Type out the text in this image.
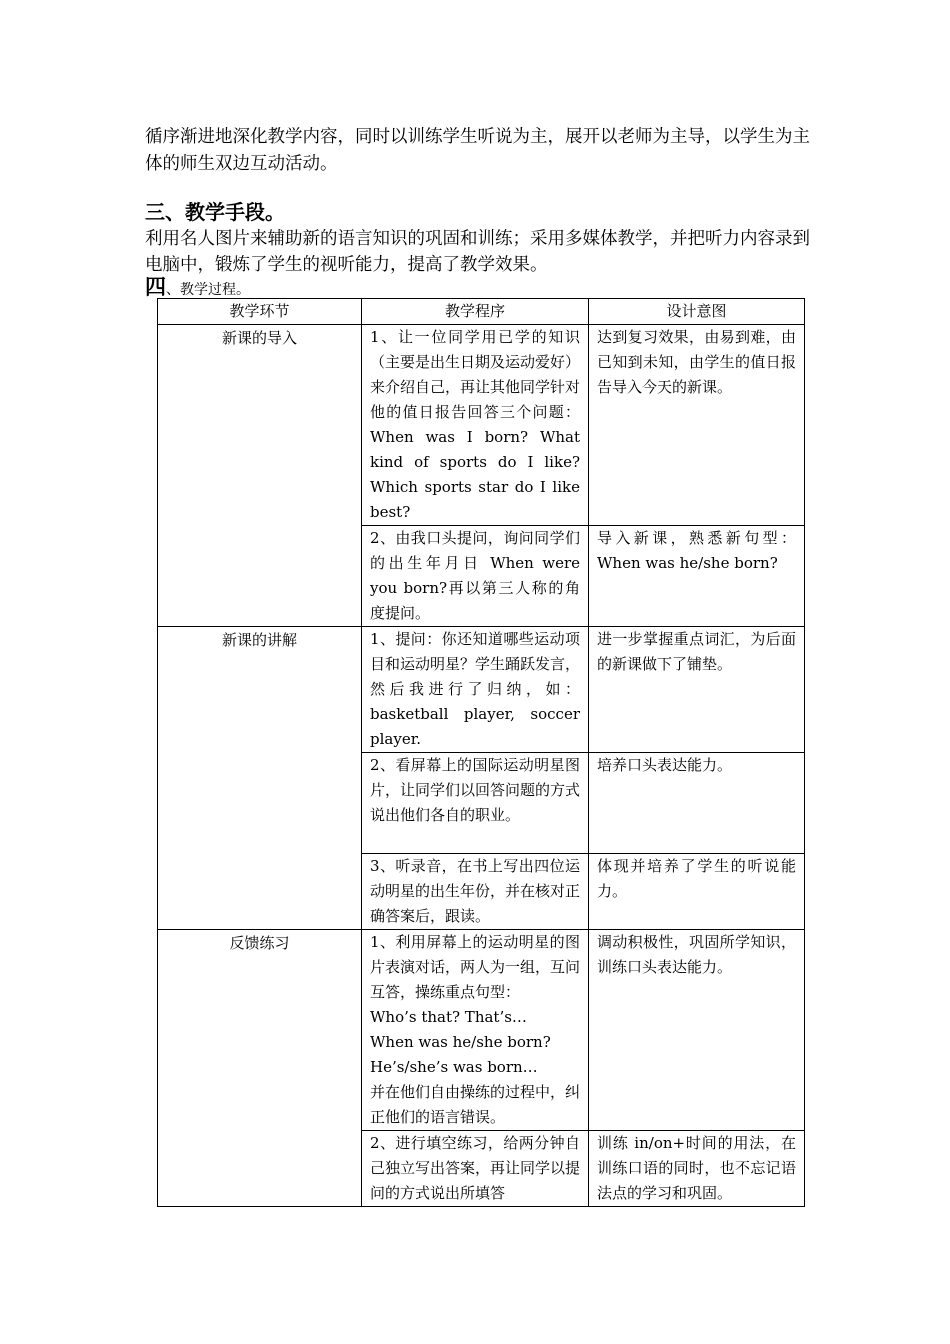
循序渐进地深化教学内容，同时以训练学生听说为主，展开以老师为主导，以学生为主体的师生双边互动活动。

三、教学手段。

利用名人图片来辅助新的语言知识的巩固和训练；采用多媒体教学，并把听力内容录到电脑中，锻炼了学生的视听能力，提高了教学效果。

四、教学过程。

教学环节	教学程序	设计意图
新课的导入	1、让一位同学用已学的知识（主要是出生日期及运动爱好）来介绍自己，再让其他同学针对他的值日报告回答三个问题：When was I born? What kind of sports do I like? Which sports star do I like best?	达到复习效果，由易到难，由已知到未知，由学生的值日报告导入今天的新课。
	2、由我口头提问，询问同学们的出生年月日 When were you born?再以第三人称的角度提问。	导入新课，熟悉新句型：When was he/she born?
新课的讲解	1、提问：你还知道哪些运动项目和运动明星？学生踊跃发言，然后我进行了归纳，如：basketball player, soccer player.	进一步掌握重点词汇，为后面的新课做下了铺垫。
	2、看屏幕上的国际运动明星图片，让同学们以回答问题的方式说出他们各自的职业。	培养口头表达能力。
	3、听录音，在书上写出四位运动明星的出生年份，并在核对正确答案后，跟读。	体现并培养了学生的听说能力。
反馈练习	1、利用屏幕上的运动明星的图片表演对话，两人为一组，互问互答，操练重点句型：
Who’s that? That’s…
When was he/she born?
He’s/she’s was born…
并在他们自由操练的过程中，纠正他们的语言错误。	调动积极性，巩固所学知识，训练口头表达能力。
	2、进行填空练习，给两分钟自己独立写出答案，再让同学以提问的方式说出所填答	训练 in/on+时间的用法，在训练口语的同时，也不忘记语法点的学习和巩固。
